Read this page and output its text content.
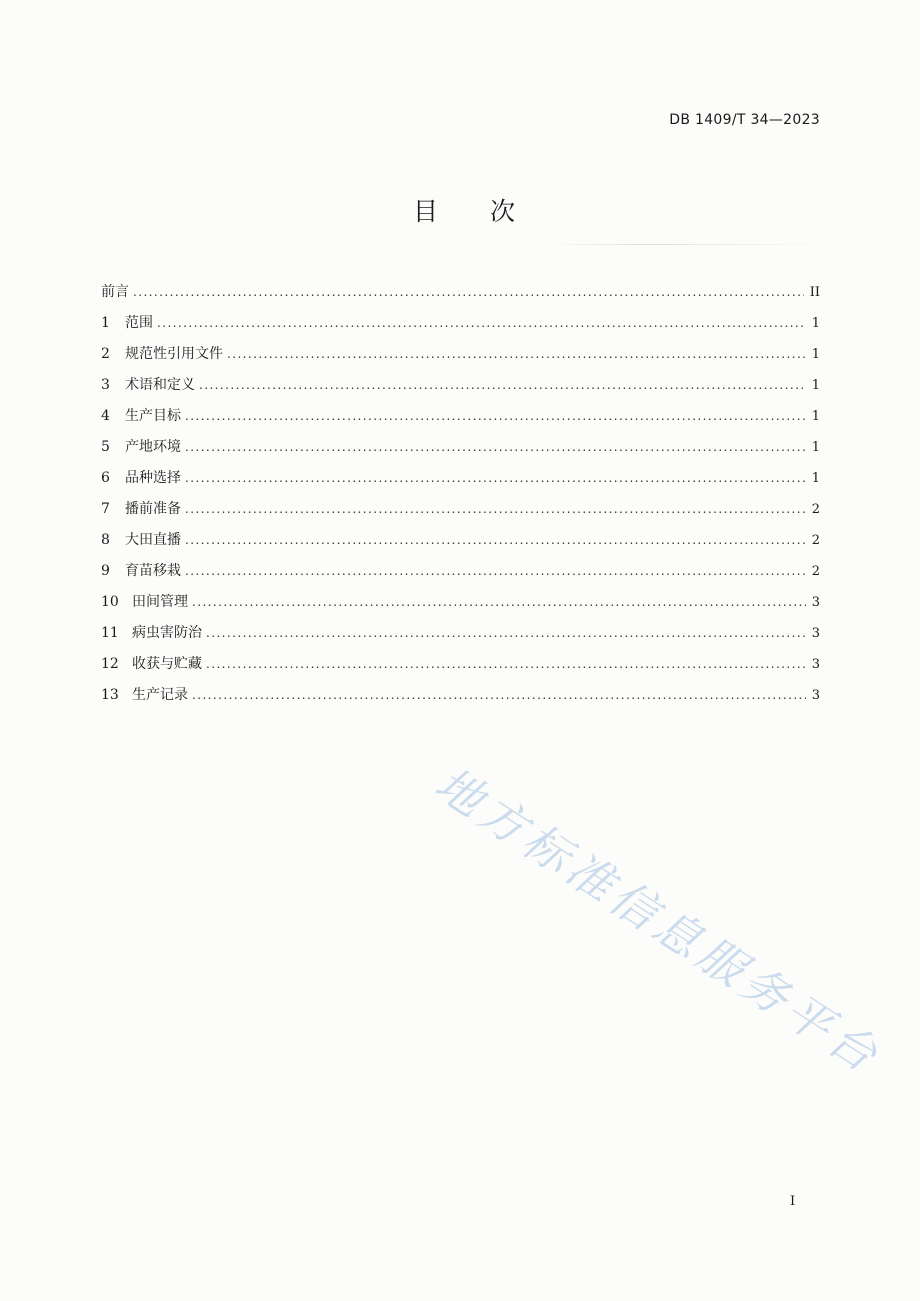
DB 1409/T 34—2023
目 次
前言 . . .	II
1	范围 . . .	1
2	规范性引用文件 . . .	1
3	术语和定义 . . .	1
4	生产目标 . . .	1
5	产地环境 . . .	1
6	品种选择 . . .	1
7	播前准备 . . .	2
8	大田直播 . . .	2
9	育苗移栽 . . .	2
10 田间管理 . . .	3
11 病虫害防治 . . .	3
12 收获与贮藏 . . .	3
13 生产记录 . . .	3
地方标准信息服务平台
I
